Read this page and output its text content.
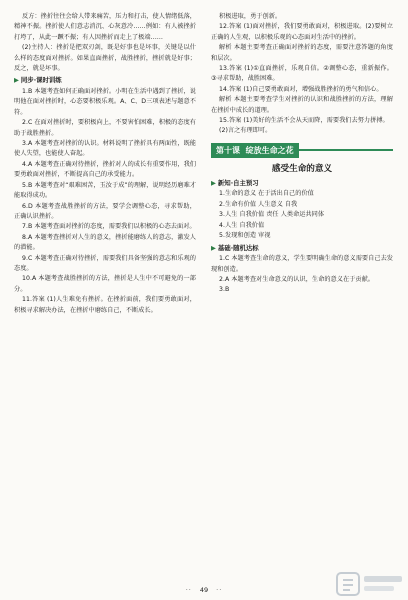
反方：挫折往往会给人带来痛苦，压力和打击，使人情绪低落，精神不振。挫折使人们意志消沉、心灰意冷……例如：有人被挫折打垮了，从此一蹶不振；有人因挫折而走上了极端……

(2)主持人：挫折是把双刃剑，既是好事也是坏事，关键是以什么样的态度面对挫折。如果直面挫折，战胜挫折，挫折就是好事；反之，就是坏事。

▶ 同步·课时训练

1.B 本题考查如何正确面对挫折。小明在生活中遇到了挫折，说明他在面对挫折时，心态要积极乐观。A、C、D三项表述与题意不符。

2.C 在面对挫折时，要积极向上，不要害怕困难，积极的态度有助于战胜挫折。

3.A 本题考查对挫折的认识。材料说明了挫折具有两面性，既能使人失望，也能使人奋起。

4.A 本题考查正确对待挫折，挫折对人的成长有重要作用，我们要勇敢面对挫折，不断提高自己的承受能力。

5.B 本题考查对“艰难困苦，玉汝于成”的理解，说明经历磨难才能取得成功。

6.D 本题考查战胜挫折的方法，要学会调整心态，寻求帮助，正确认识挫折。

7.B 本题考查面对挫折的态度，需要我们以积极的心态去面对。

8.A 本题考查挫折对人生的意义，挫折能磨练人的意志，激发人的潜能。

9.C 本题考查正确对待挫折，需要我们具备坚强的意志和乐观的态度。

10.A 本题考查战胜挫折的方法，挫折是人生中不可避免的一部分。

11.答案 (1)人生难免有挫折。在挫折面前，我们要勇敢面对，积极寻求解决办法，在挫折中磨练自己，不断成长。

积极进取，勇于创新。

12.答案 (1)面对挫折，我们要勇敢面对，积极进取。(2)要树立正确的人生观，以积极乐观的心态面对生活中的挫折。

解析 本题主要考查正确面对挫折的态度，需要注意答题的角度和层次。

13.答案 (1)①直面挫折，乐观自信。②调整心态，重新振作。③寻求帮助，战胜困难。

14.答案 (1)自己要勇敢面对，增强战胜挫折的勇气和信心。

解析 本题主要考查学生对挫折的认识和战胜挫折的方法，理解在挫折中成长的道理。

15.答案 (1)美好的生活不会从天而降，需要我们去努力拼搏。

(2)言之有理即可。

第十课 绽放生命之花
感受生命的意义
▶ 新知·自主预习

1.生命的意义 在于活出自己的价值

2.生命有价值 人生意义 自我

3.人生 自我价值 责任 人类命运共同体

4.人生 自我价值

5.发现和创造 审视

▶ 基础·随机达标

1.C 本题考查生命的意义，学生要明确生命的意义需要自己去发现和创造。

2.A 本题考查对生命意义的认识，生命的意义在于贡献。

3.B

·· 49 ··
